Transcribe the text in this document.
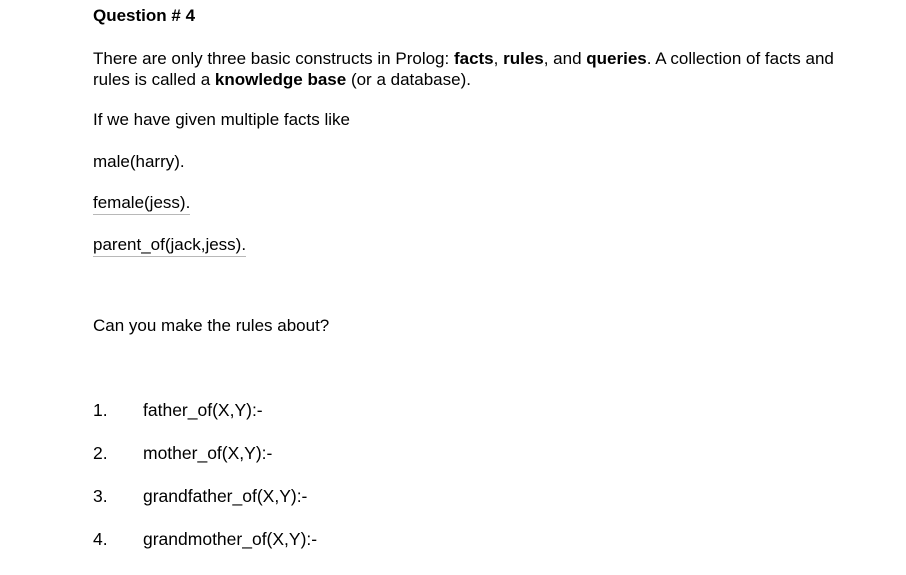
Question # 4
There are only three basic constructs in Prolog: facts, rules, and queries. A collection of facts and rules is called a knowledge base (or a database).
If we have given multiple facts like
male(harry).
female(jess).
parent_of(jack,jess).
Can you make the rules about?
1. father_of(X,Y):-
2. mother_of(X,Y):-
3. grandfather_of(X,Y):-
4. grandmother_of(X,Y):-
